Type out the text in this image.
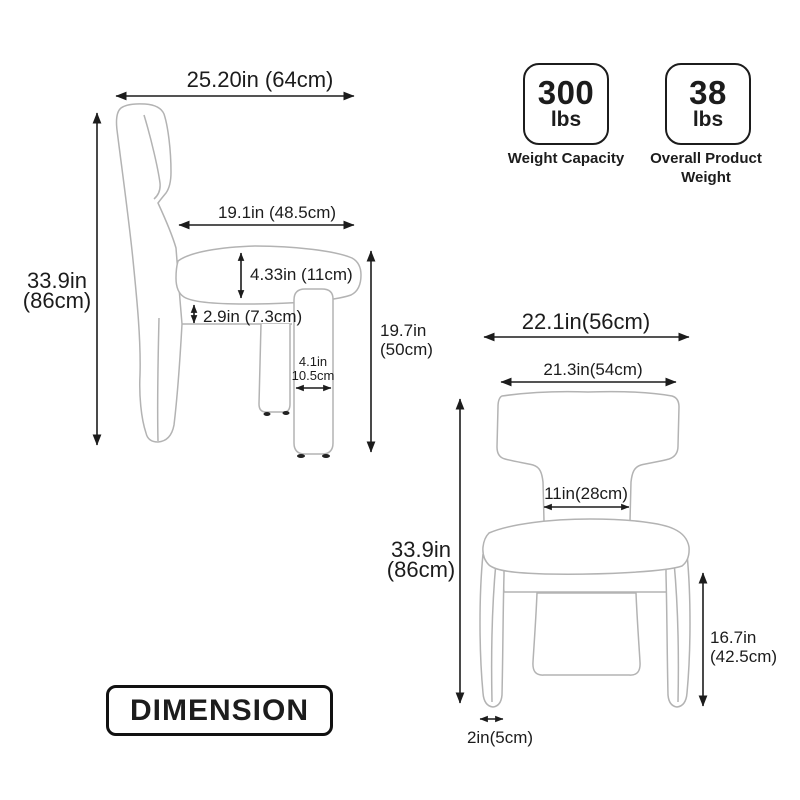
25.20in (64cm)
33.9in
(86cm)
19.1in (48.5cm)
4.33in (11cm)
2.9in (7.3cm)
4.1in
10.5cm
19.7in
(50cm)
22.1in(56cm)
21.3in(54cm)
11in(28cm)
33.9in
(86cm)
16.7in
(42.5cm)
2in(5cm)
300
lbs
Weight Capacity
38
lbs
Overall Product
Weight
DIMENSION
